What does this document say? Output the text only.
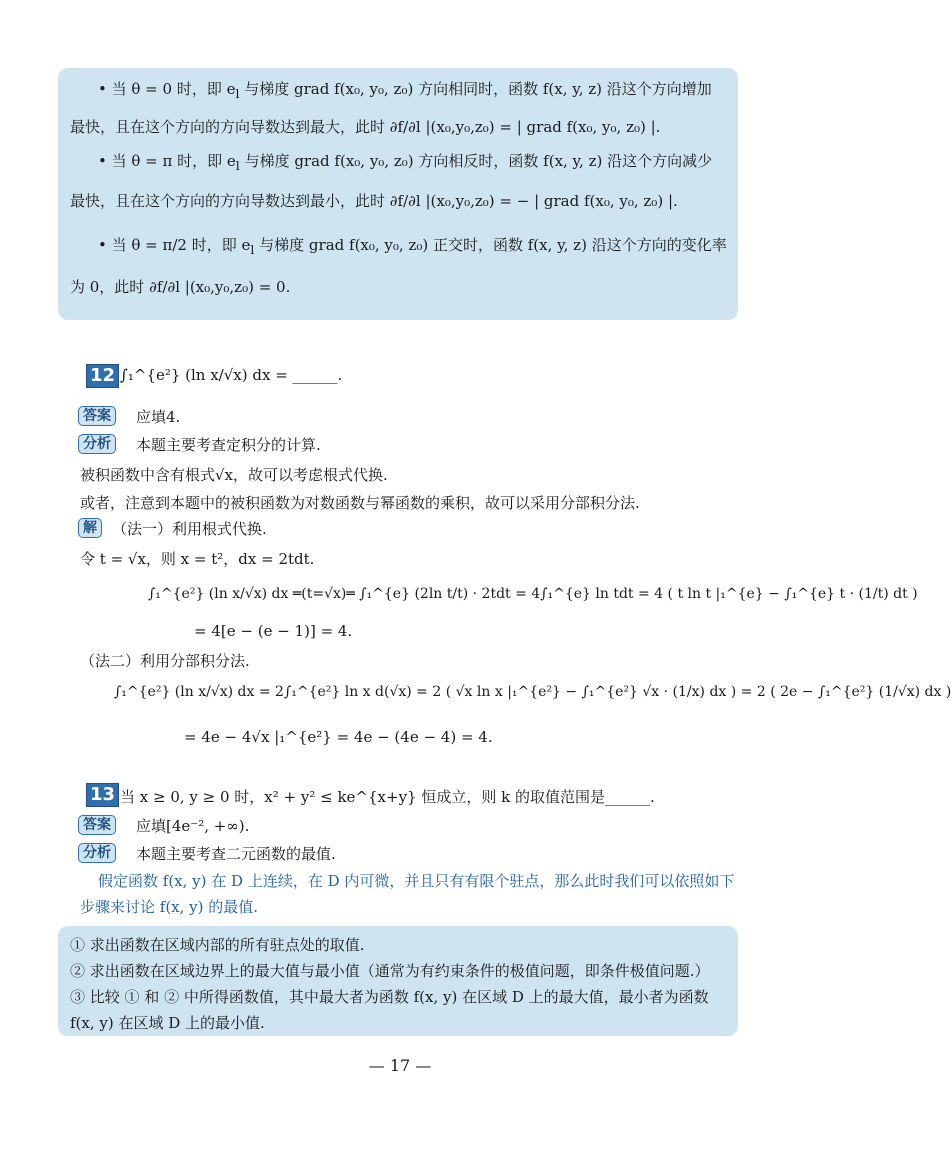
• 当 θ = 0 时，即 $e_l$ 与梯度 grad f(x₀, y₀, z₀) 方向相同时，函数 f(x, y, z) 沿这个方向增加
最快，且在这个方向的方向导数达到最大，此时 ∂f/∂l |(x₀,y₀,z₀) = | grad f(x₀, y₀, z₀) |.
• 当 θ = π 时，即 $e_l$ 与梯度 grad f(x₀, y₀, z₀) 方向相反时，函数 f(x, y, z) 沿这个方向减少
最快，且在这个方向的方向导数达到最小，此时 ∂f/∂l |(x₀,y₀,z₀) = − | grad f(x₀, y₀, z₀) |.
• 当 θ = π/2 时，即 $e_l$ 与梯度 grad f(x₀, y₀, z₀) 正交时，函数 f(x, y, z) 沿这个方向的变化率
为 0，此时 ∂f/∂l |(x₀,y₀,z₀) = 0.
12 ∫₁^{e²} (ln x/√x) dx = ______.
答案	应填4.
分析	本题主要考查定积分的计算.
被积函数中含有根式√x，故可以考虑根式代换.
或者，注意到本题中的被积函数为对数函数与幂函数的乘积，故可以采用分部积分法.
解	（法一）利用根式代换.
令 t = √x，则 x = t²，dx = 2tdt.
∫₁^{e²} (ln x/√x) dx ═(t=√x)═ ∫₁^{e} (2ln t/t) · 2tdt = 4∫₁^{e} ln tdt = 4 ( t ln t |₁^{e} − ∫₁^{e} t · (1/t) dt )
= 4[e − (e − 1)] = 4.
（法二）利用分部积分法.
∫₁^{e²} (ln x/√x) dx = 2∫₁^{e²} ln x d(√x) = 2 ( √x ln x |₁^{e²} − ∫₁^{e²} √x · (1/x) dx ) = 2 ( 2e − ∫₁^{e²} (1/√x) dx )
= 4e − 4√x |₁^{e²} = 4e − (4e − 4) = 4.
13 当 x ≥ 0, y ≥ 0 时，x² + y² ≤ ke^{x+y} 恒成立，则 k 的取值范围是______.
答案	应填[4e⁻², +∞).
分析	本题主要考查二元函数的最值.
假定函数 f(x, y) 在 D 上连续，在 D 内可微，并且只有有限个驻点，那么此时我们可以依照如下
步骤来讨论 f(x, y) 的最值.
① 求出函数在区域内部的所有驻点处的取值.
② 求出函数在区域边界上的最大值与最小值（通常为有约束条件的极值问题，即条件极值问题.）
③ 比较 ① 和 ② 中所得函数值，其中最大者为函数 f(x, y) 在区域 D 上的最大值，最小者为函数
f(x, y) 在区域 D 上的最小值.
— 17 —
